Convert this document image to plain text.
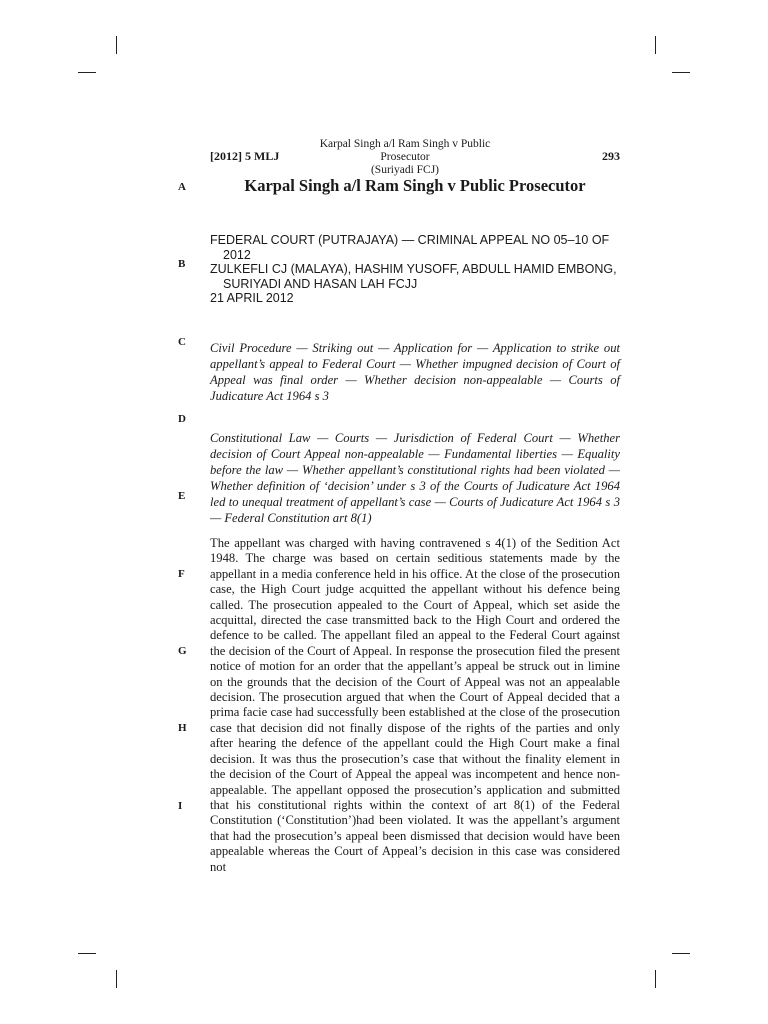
[2012] 5 MLJ
Karpal Singh a/l Ram Singh v Public Prosecutor
(Suriyadi FCJ)
293
A
B
C
D
E
F
G
H
I
Karpal Singh a/l Ram Singh v Public Prosecutor
FEDERAL COURT (PUTRAJAYA) — CRIMINAL APPEAL NO 05–10 OF 2012
ZULKEFLI CJ (MALAYA), HASHIM YUSOFF, ABDULL HAMID EMBONG, SURIYADI AND HASAN LAH FCJJ
21 APRIL 2012
Civil Procedure — Striking out — Application for — Application to strike out appellant’s appeal to Federal Court — Whether impugned decision of Court of Appeal was final order — Whether decision non-appealable — Courts of Judicature Act 1964 s 3
Constitutional Law — Courts — Jurisdiction of Federal Court — Whether decision of Court Appeal non-appealable — Fundamental liberties — Equality before the law — Whether appellant’s constitutional rights had been violated — Whether definition of ‘decision’ under s 3 of the Courts of Judicature Act 1964 led to unequal treatment of appellant’s case — Courts of Judicature Act 1964 s 3 — Federal Constitution art 8(1)
The appellant was charged with having contravened s 4(1) of the Sedition Act 1948. The charge was based on certain seditious statements made by the appellant in a media conference held in his office. At the close of the prosecution case, the High Court judge acquitted the appellant without his defence being called. The prosecution appealed to the Court of Appeal, which set aside the acquittal, directed the case transmitted back to the High Court and ordered the defence to be called. The appellant filed an appeal to the Federal Court against the decision of the Court of Appeal. In response the prosecution filed the present notice of motion for an order that the appellant’s appeal be struck out in limine on the grounds that the decision of the Court of Appeal was not an appealable decision. The prosecution argued that when the Court of Appeal decided that a prima facie case had successfully been established at the close of the prosecution case that decision did not finally dispose of the rights of the parties and only after hearing the defence of the appellant could the High Court make a final decision. It was thus the prosecution’s case that without the finality element in the decision of the Court of Appeal the appeal was incompetent and hence non-appealable. The appellant opposed the prosecution’s application and submitted that his constitutional rights within the context of art 8(1) of the Federal Constitution (‘Constitution’)had been violated. It was the appellant’s argument that had the prosecution’s appeal been dismissed that decision would have been appealable whereas the Court of Appeal’s decision in this case was considered not
